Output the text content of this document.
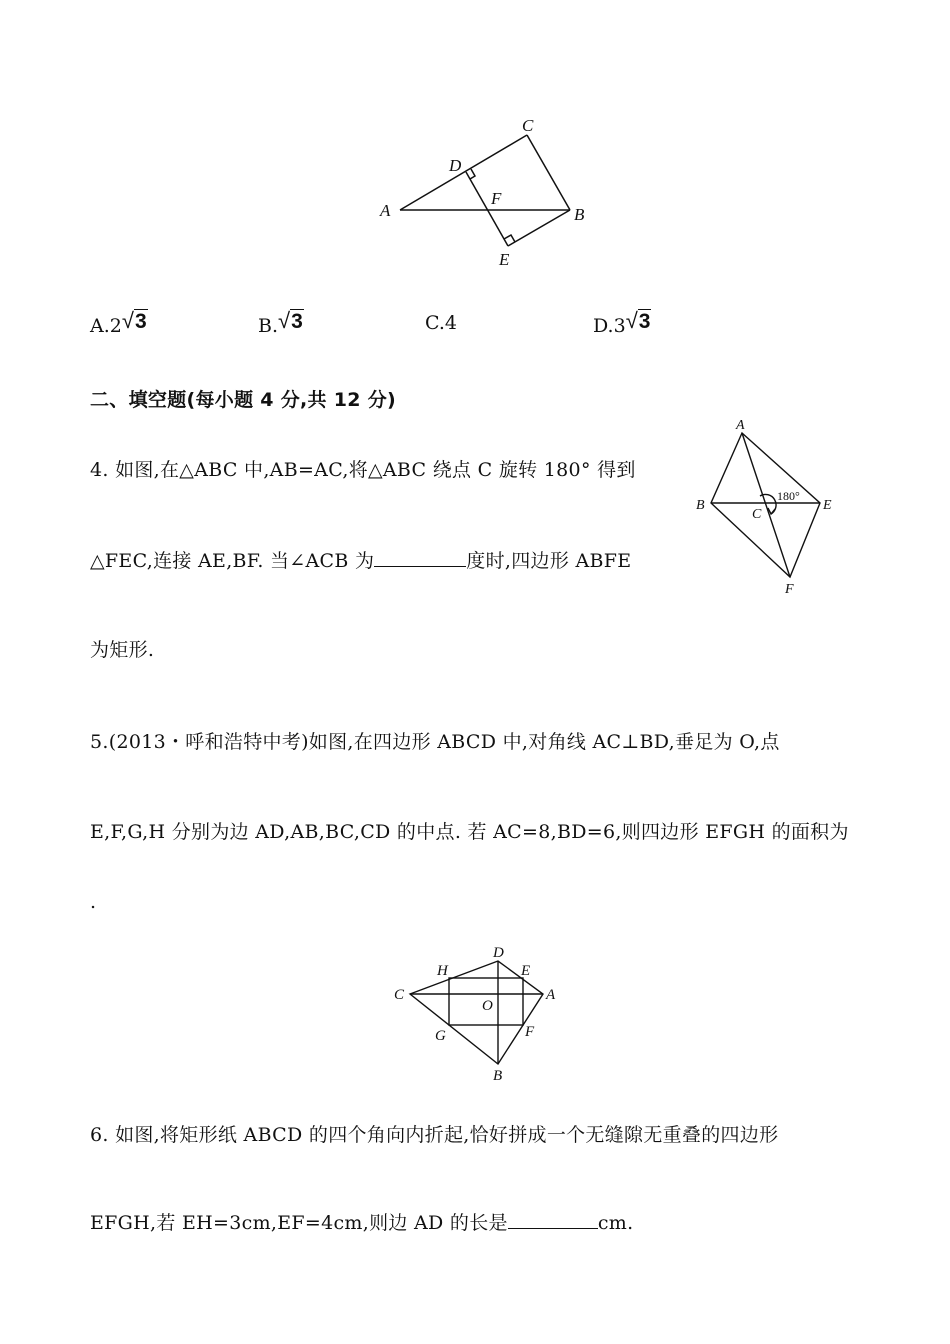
A	B
C
D
E
F
A.2√3	B.√3	C.4	D.3√3
二、填空题(每小题 4 分,共 12 分)
4. 如图,在△ABC 中,AB=AC,将△ABC 绕点 C 旋转 180° 得到
△FEC,连接 AE,BF. 当∠ACB 为	度时,四边形 ABFE
为矩形.
A
B
C
E
F
180°
5.(2013・呼和浩特中考)如图,在四边形 ABCD 中,对角线 AC⊥BD,垂足为 O,点
E,F,G,H 分别为边 AD,AB,BC,CD 的中点. 若 AC=8,BD=6,则四边形 EFGH 的面积为
.
D
H	E
C	A
O
G	F
B
6. 如图,将矩形纸 ABCD 的四个角向内折起,恰好拼成一个无缝隙无重叠的四边形
EFGH,若 EH=3cm,EF=4cm,则边 AD 的长是	cm.
